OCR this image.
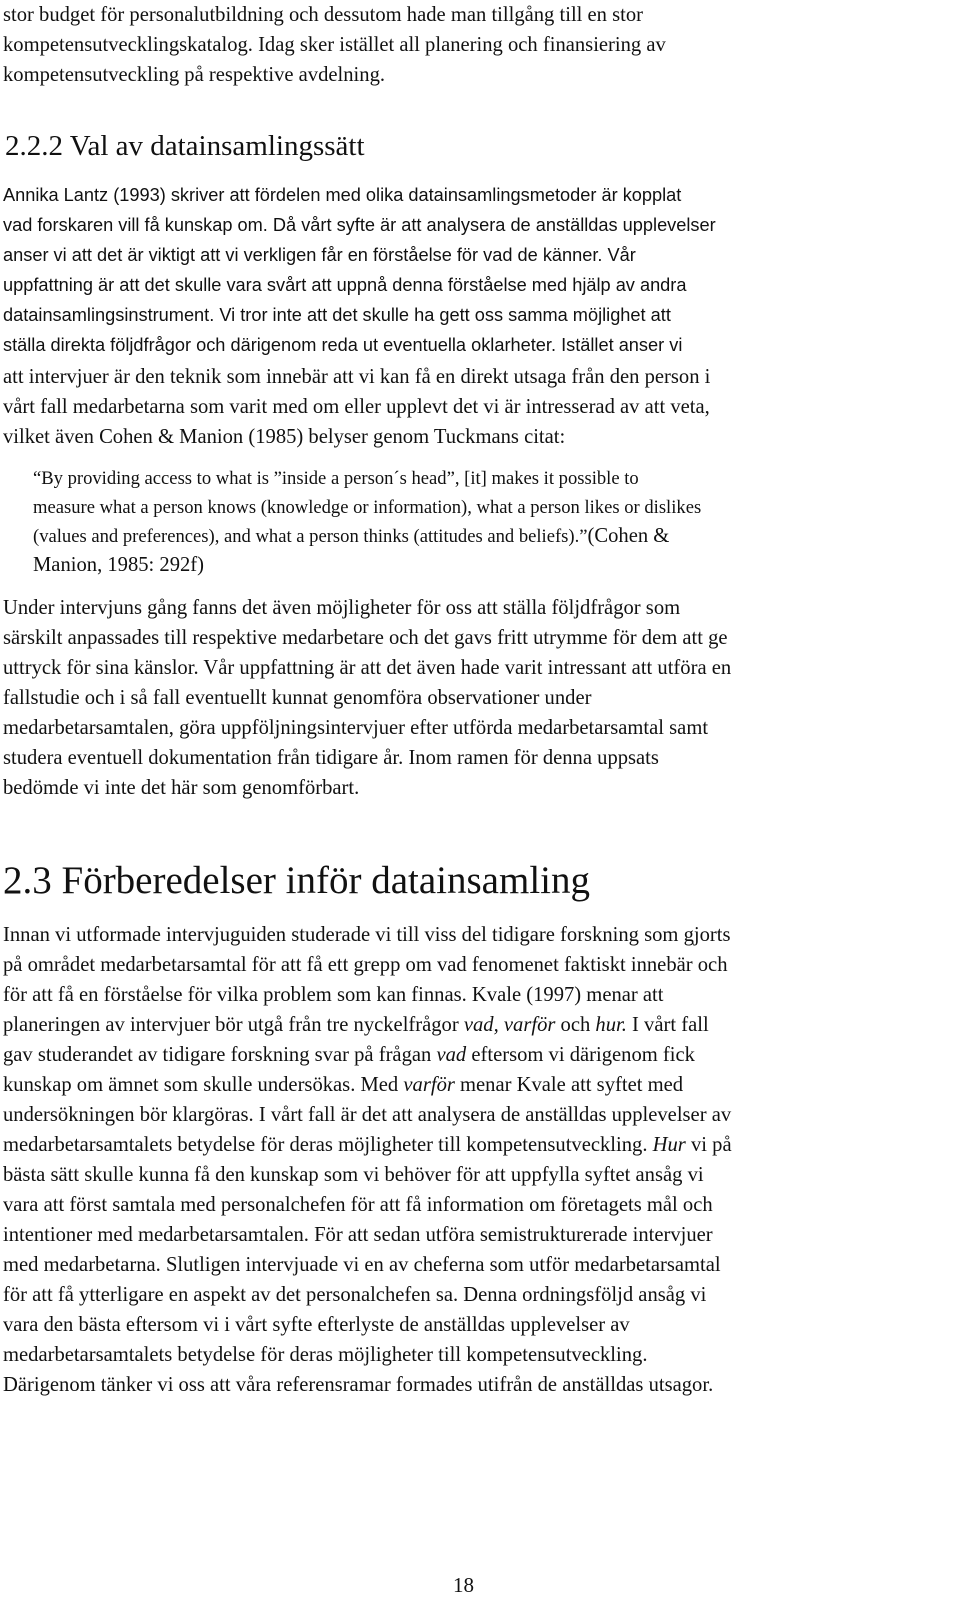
stor budget för personalutbildning och dessutom hade man tillgång till en stor
kompetensutvecklingskatalog. Idag sker istället all planering och finansiering av
kompetensutveckling på respektive avdelning.
2.2.2 Val av datainsamlingssätt
Annika Lantz (1993) skriver att fördelen med olika datainsamlingsmetoder är kopplat
vad forskaren vill få kunskap om. Då vårt syfte är att analysera de anställdas upplevelser
anser vi att det är viktigt att vi verkligen får en förståelse för vad de känner. Vår
uppfattning är att det skulle vara svårt att uppnå denna förståelse med hjälp av andra
datainsamlingsinstrument. Vi tror inte att det skulle ha gett oss samma möjlighet att
ställa direkta följdfrågor och därigenom reda ut eventuella oklarheter. Istället anser vi
att intervjuer är den teknik som innebär att vi kan få en direkt utsaga från den person i
vårt fall medarbetarna som varit med om eller upplevt det vi är intresserad av att veta,
vilket även Cohen & Manion (1985) belyser genom Tuckmans citat:
“By providing access to what is ”inside a person´s head”, [it] makes it possible to
measure what a person knows (knowledge or information), what a person likes or dislikes
(values and preferences), and what a person thinks (attitudes and beliefs).”(Cohen &
Manion, 1985: 292f)
Under intervjuns gång fanns det även möjligheter för oss att ställa följdfrågor som
särskilt anpassades till respektive medarbetare och det gavs fritt utrymme för dem att ge
uttryck för sina känslor. Vår uppfattning är att det även hade varit intressant att utföra en
fallstudie och i så fall eventuellt kunnat genomföra observationer under
medarbetarsamtalen, göra uppföljningsintervjuer efter utförda medarbetarsamtal samt
studera eventuell dokumentation från tidigare år. Inom ramen för denna uppsats
bedömde vi inte det här som genomförbart.
2.3 Förberedelser inför datainsamling
Innan vi utformade intervjuguiden studerade vi till viss del tidigare forskning som gjorts
på området medarbetarsamtal för att få ett grepp om vad fenomenet faktiskt innebär och
för att få en förståelse för vilka problem som kan finnas. Kvale (1997) menar att
planeringen av intervjuer bör utgå från tre nyckelfrågor vad, varför och hur. I vårt fall
gav studerandet av tidigare forskning svar på frågan vad eftersom vi därigenom fick
kunskap om ämnet som skulle undersökas. Med varför menar Kvale att syftet med
undersökningen bör klargöras. I vårt fall är det att analysera de anställdas upplevelser av
medarbetarsamtalets betydelse för deras möjligheter till kompetensutveckling. Hur vi på
bästa sätt skulle kunna få den kunskap som vi behöver för att uppfylla syftet ansåg vi
vara att först samtala med personalchefen för att få information om företagets mål och
intentioner med medarbetarsamtalen. För att sedan utföra semistrukturerade intervjuer
med medarbetarna. Slutligen intervjuade vi en av cheferna som utför medarbetarsamtal
för att få ytterligare en aspekt av det personalchefen sa. Denna ordningsföljd ansåg vi
vara den bästa eftersom vi i vårt syfte efterlyste de anställdas upplevelser av
medarbetarsamtalets betydelse för deras möjligheter till kompetensutveckling.
Därigenom tänker vi oss att våra referensramar formades utifrån de anställdas utsagor.
18
